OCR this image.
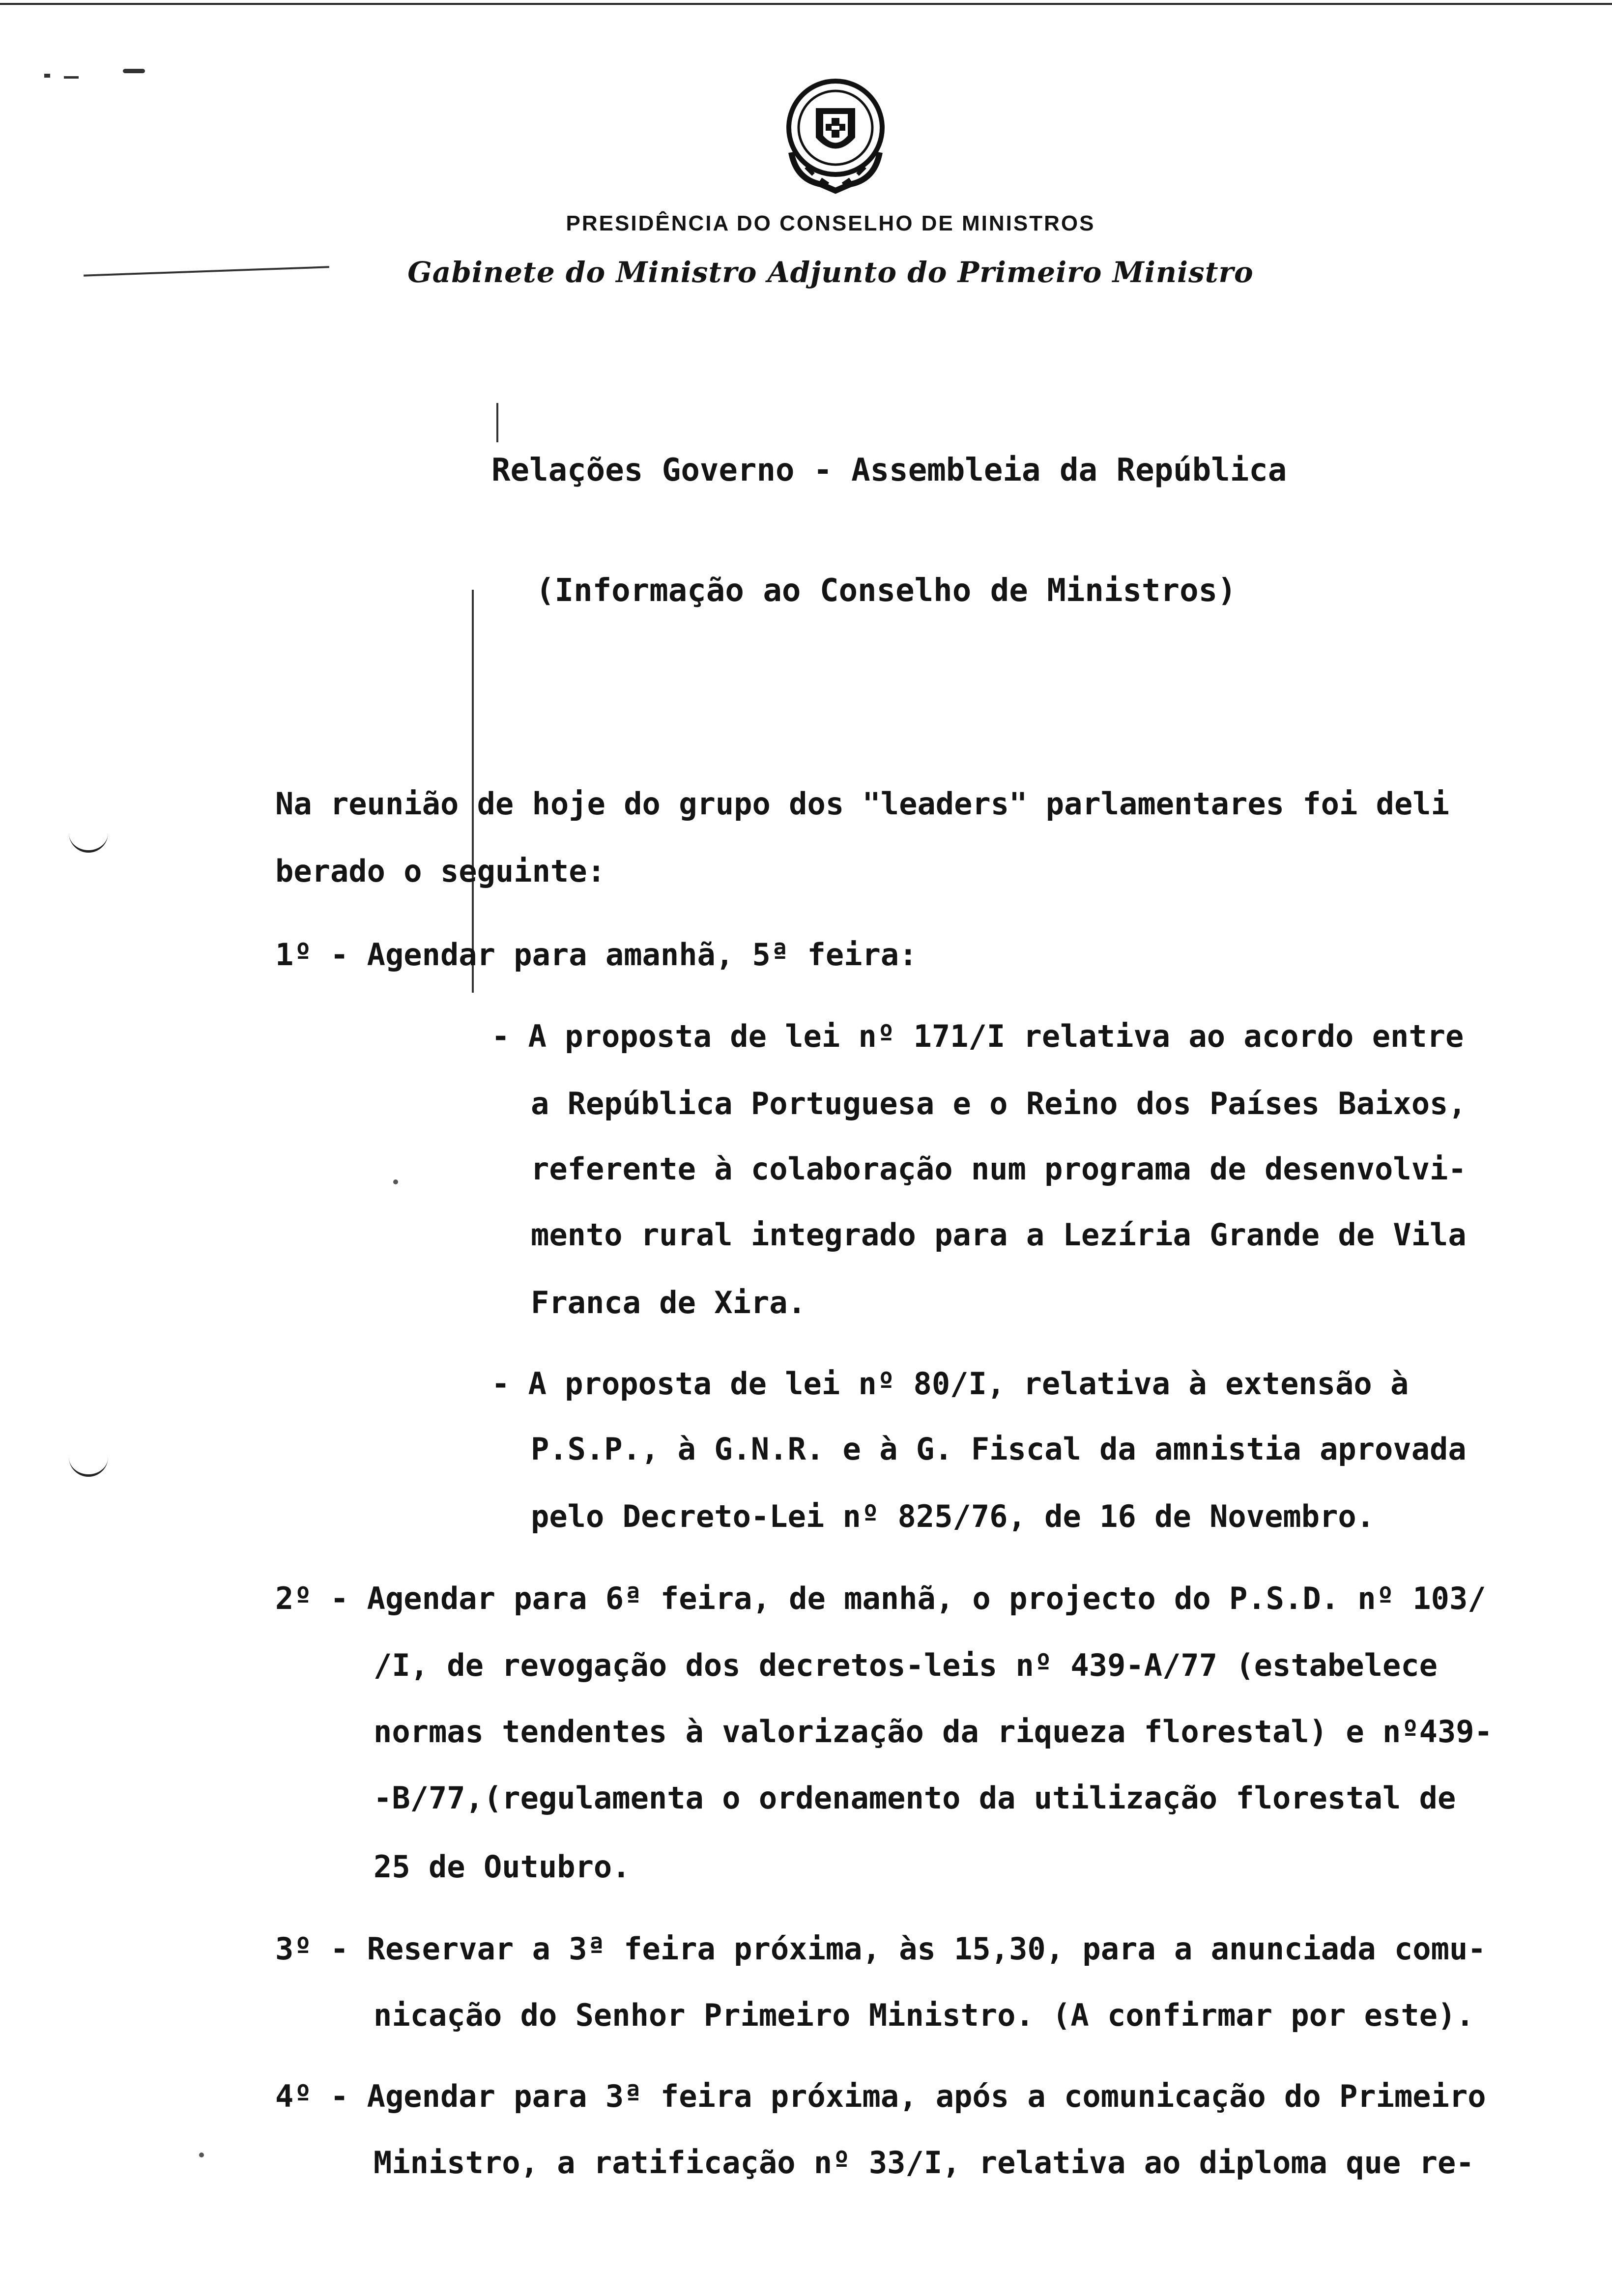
PRESIDÊNCIA DO CONSELHO DE MINISTROS
Gabinete do Ministro Adjunto do Primeiro Ministro
Relações Governo - Assembleia da República
(Informação ao Conselho de Ministros)
Na reunião de hoje do grupo dos "leaders" parlamentares foi deli
berado o seguinte:
1º - Agendar para amanhã, 5ª feira:
- A proposta de lei nº 171/I relativa ao acordo entre
a República Portuguesa e o Reino dos Países Baixos,
referente à colaboração num programa de desenvolvi-
mento rural integrado para a Lezíria Grande de Vila
Franca de Xira.
- A proposta de lei nº 80/I, relativa à extensão à
P.S.P., à G.N.R. e à G. Fiscal da amnistia aprovada
pelo Decreto-Lei nº 825/76, de 16 de Novembro.
2º - Agendar para 6ª feira, de manhã, o projecto do P.S.D. nº 103/
/I, de revogação dos decretos-leis nº 439-A/77 (estabelece
normas tendentes à valorização da riqueza florestal) e nº439-
-B/77,(regulamenta o ordenamento da utilização florestal de
25 de Outubro.
3º - Reservar a 3ª feira próxima, às 15,30, para a anunciada comu-
nicação do Senhor Primeiro Ministro. (A confirmar por este).
4º - Agendar para 3ª feira próxima, após a comunicação do Primeiro
Ministro, a ratificação nº 33/I, relativa ao diploma que re-
